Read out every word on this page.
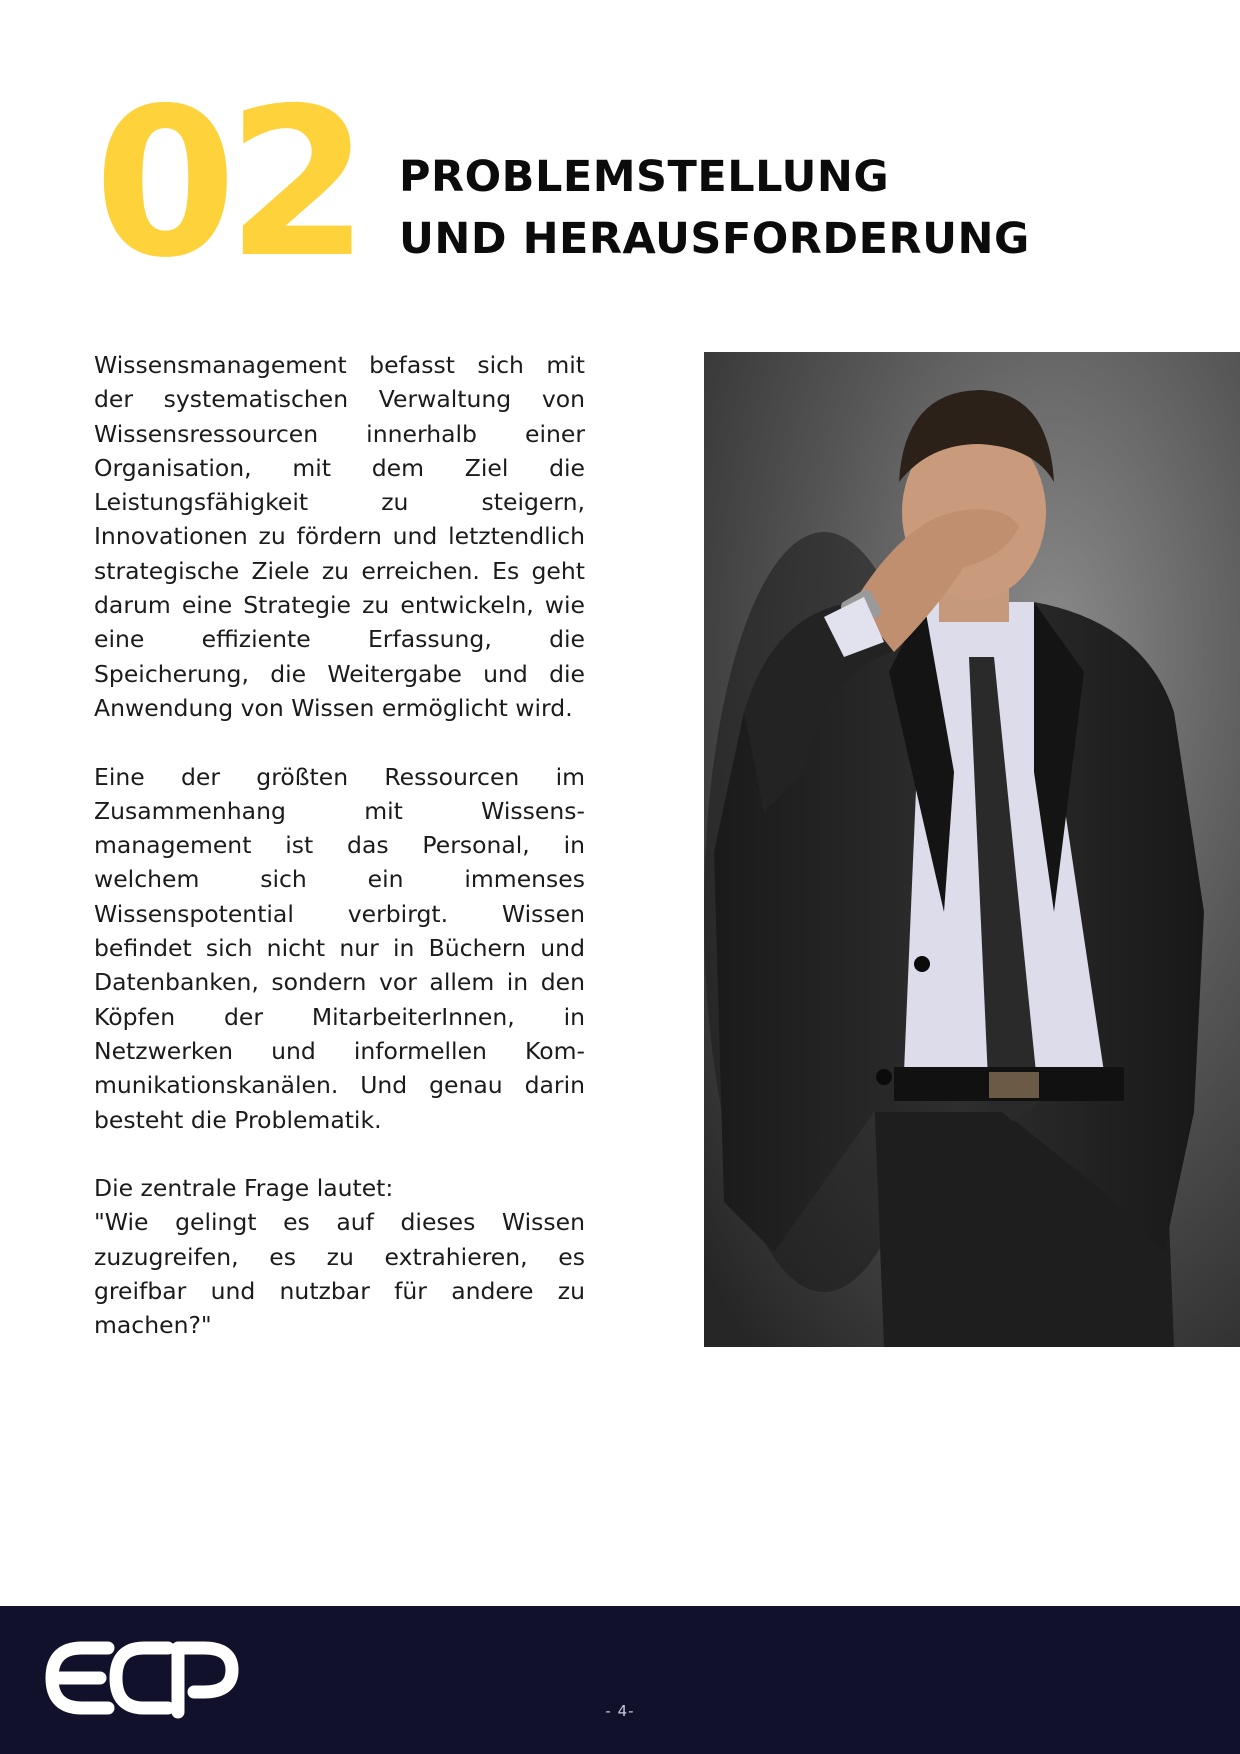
02 PROBLEMSTELLUNG
UND HERAUSFORDERUNG

Wissensmanagement befasst sich mit der systematischen Verwaltung von Wissensressourcen innerhalb einer Organisation, mit dem Ziel die Leistungsfähigkeit zu steigern, Innovationen zu fördern und letztendlich strategische Ziele zu erreichen. Es geht darum eine Strategie zu entwickeln, wie eine effiziente Erfassung, die Speicherung, die Weitergabe und die Anwendung von Wissen ermöglicht wird.

Eine der größten Ressourcen im Zusammenhang mit Wissensmanagement ist das Personal, in welchem sich ein immenses Wissenspotential verbirgt. Wissen befindet sich nicht nur in Büchern und Datenbanken, sondern vor allem in den Köpfen der MitarbeiterInnen, in Netzwerken und informellen Kommunikationskanälen. Und genau darin besteht die Problematik.

Die zentrale Frage lautet:
"Wie gelingt es auf dieses Wissen zuzugreifen, es zu extrahieren, es greifbar und nutzbar für andere zu machen?"

- 4-
